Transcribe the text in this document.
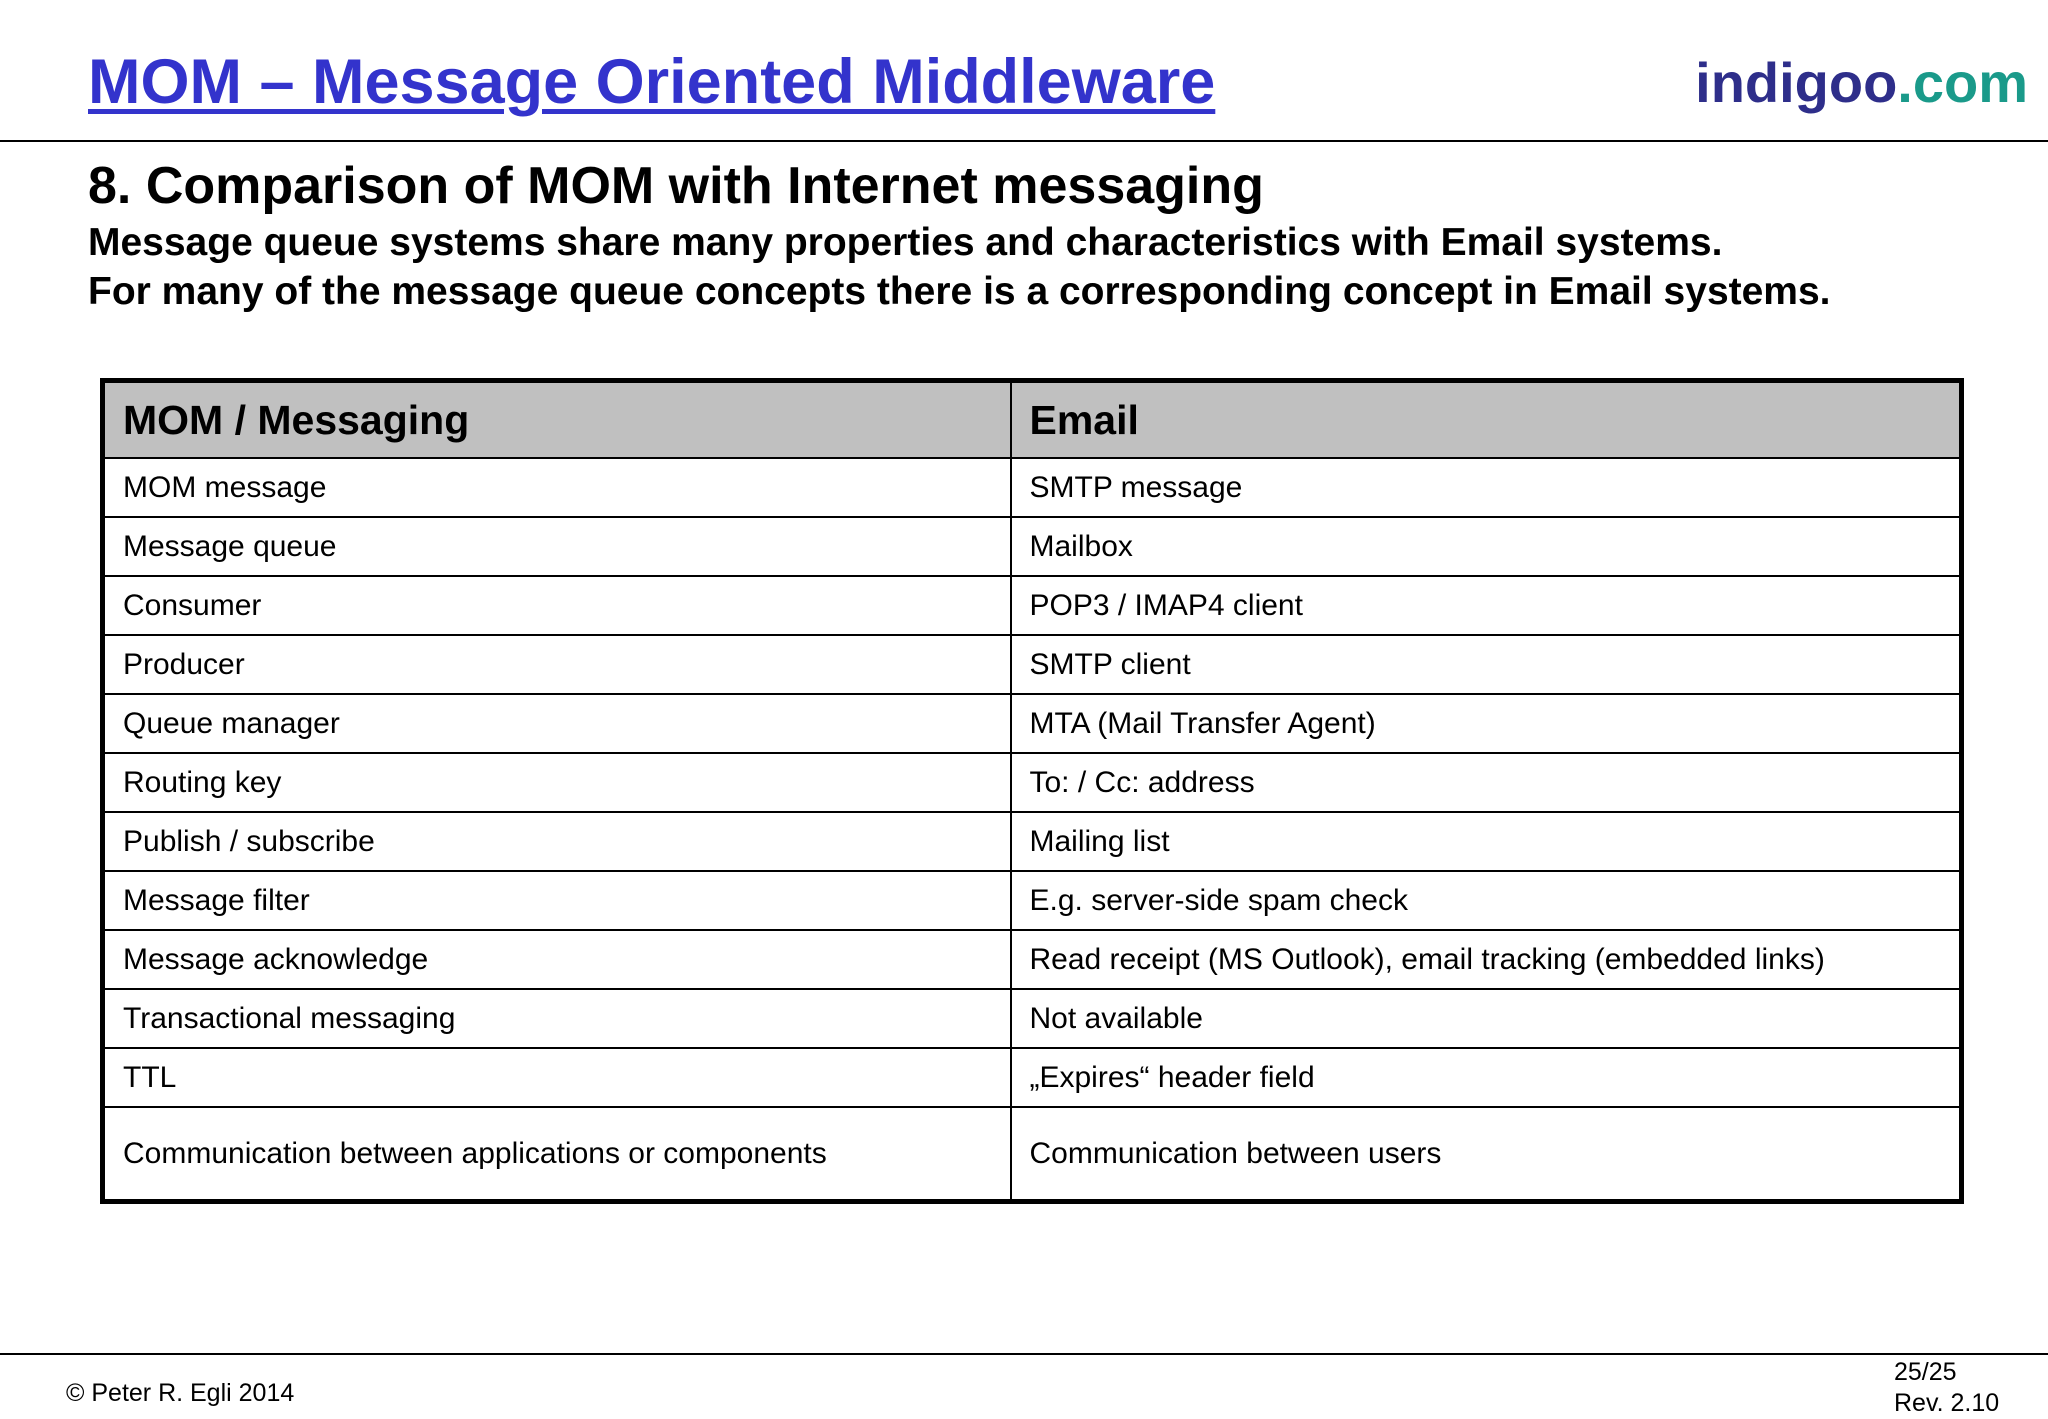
MOM – Message Oriented Middleware	indigoo.com
8. Comparison of MOM with Internet messaging
Message queue systems share many properties and characteristics with Email systems.
For many of the message queue concepts there is a corresponding concept in Email systems.
MOM / Messaging	Email
MOM message	SMTP message
Message queue	Mailbox
Consumer	POP3 / IMAP4 client
Producer	SMTP client
Queue manager	MTA (Mail Transfer Agent)
Routing key	To: / Cc: address
Publish / subscribe	Mailing list
Message filter	E.g. server-side spam check
Message acknowledge	Read receipt (MS Outlook), email tracking (embedded links)
Transactional messaging	Not available
TTL	„Expires“ header field
Communication between applications or components	Communication between users
© Peter R. Egli 2014
25/25
Rev. 2.10
